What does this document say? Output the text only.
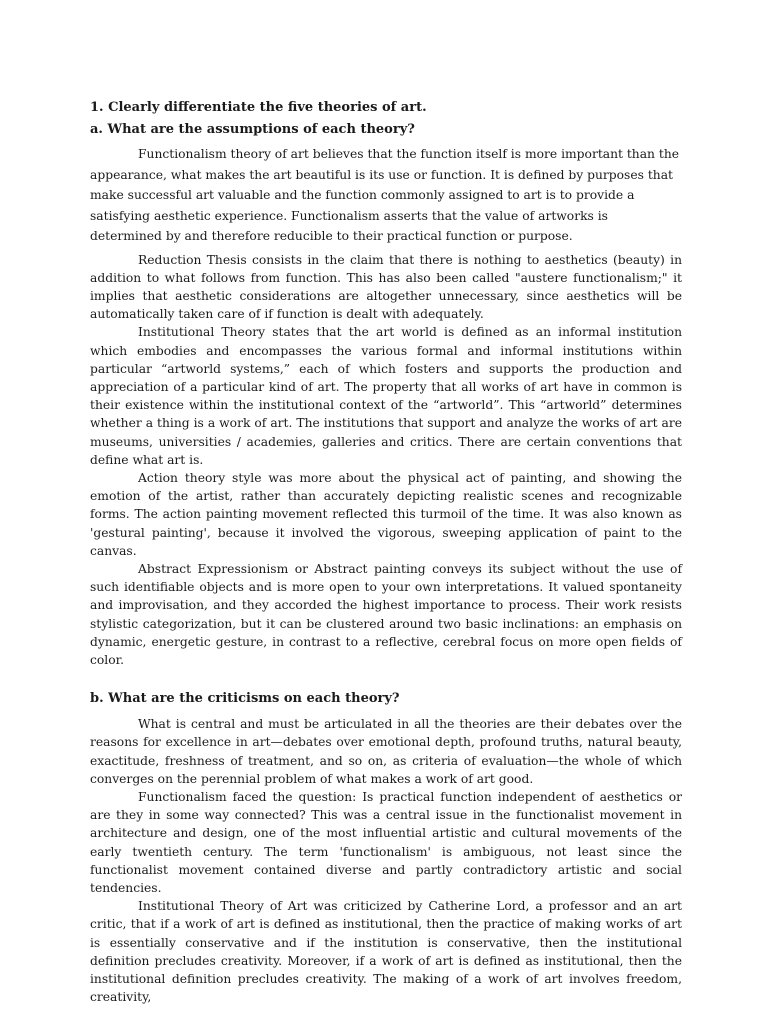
1. Clearly differentiate the five theories of art.
a. What are the assumptions of each theory?

Functionalism theory of art believes that the function itself is more important than the appearance, what makes the art beautiful is its use or function. It is defined by purposes that make successful art valuable and the function commonly assigned to art is to provide a satisfying aesthetic experience. Functionalism asserts that the value of artworks is determined by and therefore reducible to their practical function or purpose.

Reduction Thesis consists in the claim that there is nothing to aesthetics (beauty) in addition to what follows from function. This has also been called "austere functionalism;" it implies that aesthetic considerations are altogether unnecessary, since aesthetics will be automatically taken care of if function is dealt with adequately.

Institutional Theory states that the art world is defined as an informal institution which embodies and encompasses the various formal and informal institutions within particular “artworld systems,” each of which fosters and supports the production and appreciation of a particular kind of art. The property that all works of art have in common is their existence within the institutional context of the “artworld”. This “artworld” determines whether a thing is a work of art. The institutions that support and analyze the works of art are museums, universities / academies, galleries and critics. There are certain conventions that define what art is.

Action theory style was more about the physical act of painting, and showing the emotion of the artist, rather than accurately depicting realistic scenes and recognizable forms. The action painting movement reflected this turmoil of the time. It was also known as 'gestural painting', because it involved the vigorous, sweeping application of paint to the canvas.

Abstract Expressionism or Abstract painting conveys its subject without the use of such identifiable objects and is more open to your own interpretations. It valued spontaneity and improvisation, and they accorded the highest importance to process. Their work resists stylistic categorization, but it can be clustered around two basic inclinations: an emphasis on dynamic, energetic gesture, in contrast to a reflective, cerebral focus on more open fields of color.

b. What are the criticisms on each theory?

What is central and must be articulated in all the theories are their debates over the reasons for excellence in art—debates over emotional depth, profound truths, natural beauty, exactitude, freshness of treatment, and so on, as criteria of evaluation—the whole of which converges on the perennial problem of what makes a work of art good.

Functionalism faced the question: Is practical function independent of aesthetics or are they in some way connected? This was a central issue in the functionalist movement in architecture and design, one of the most influential artistic and cultural movements of the early twentieth century. The term 'functionalism' is ambiguous, not least since the functionalist movement contained diverse and partly contradictory artistic and social tendencies.

Institutional Theory of Art was criticized by Catherine Lord, a professor and an art critic, that if a work of art is defined as institutional, then the practice of making works of art is essentially conservative and if the institution is conservative, then the institutional definition precludes creativity. Moreover, if a work of art is defined as institutional, then the institutional definition precludes creativity. The making of a work of art involves freedom, creativity,
